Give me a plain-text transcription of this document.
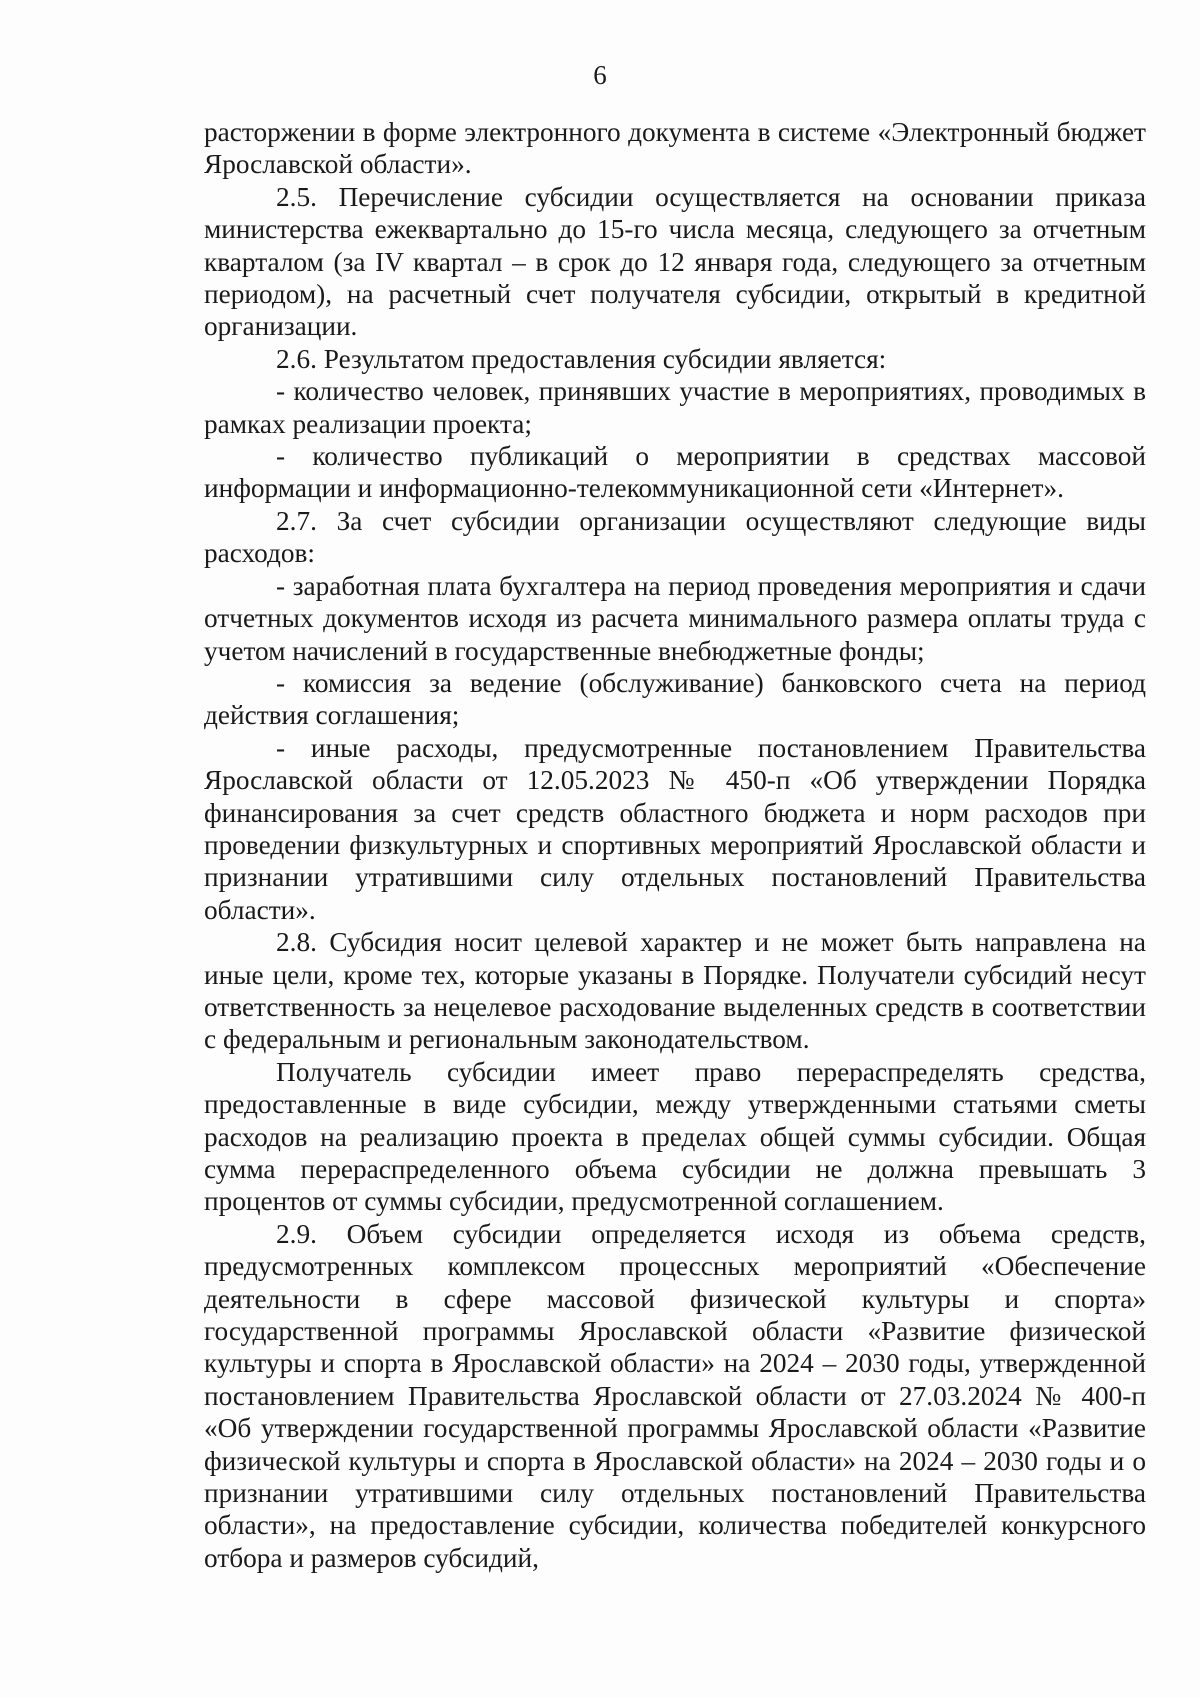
6

расторжении в форме электронного документа в системе «Электронный бюджет Ярославской области».

2.5. Перечисление субсидии осуществляется на основании приказа министерства ежеквартально до 15-го числа месяца, следующего за отчетным кварталом (за IV квартал – в срок до 12 января года, следующего за отчетным периодом), на расчетный счет получателя субсидии, открытый в кредитной организации.

2.6. Результатом предоставления субсидии является:

- количество человек, принявших участие в мероприятиях, проводимых в рамках реализации проекта;

- количество публикаций о мероприятии в средствах массовой информации и информационно-телекоммуникационной сети «Интернет».

2.7. За счет субсидии организации осуществляют следующие виды расходов:

- заработная плата бухгалтера на период проведения мероприятия и сдачи отчетных документов исходя из расчета минимального размера оплаты труда с учетом начислений в государственные внебюджетные фонды;

- комиссия за ведение (обслуживание) банковского счета на период действия соглашения;

- иные расходы, предусмотренные постановлением Правительства Ярославской области от 12.05.2023 № 450-п «Об утверждении Порядка финансирования за счет средств областного бюджета и норм расходов при проведении физкультурных и спортивных мероприятий Ярославской области и признании утратившими силу отдельных постановлений Правительства области».

2.8. Субсидия носит целевой характер и не может быть направлена на иные цели, кроме тех, которые указаны в Порядке. Получатели субсидий несут ответственность за нецелевое расходование выделенных средств в соответствии с федеральным и региональным законодательством.

Получатель субсидии имеет право перераспределять средства, предоставленные в виде субсидии, между утвержденными статьями сметы расходов на реализацию проекта в пределах общей суммы субсидии. Общая сумма перераспределенного объема субсидии не должна превышать 3 процентов от суммы субсидии, предусмотренной соглашением.

2.9. Объем субсидии определяется исходя из объема средств, предусмотренных комплексом процессных мероприятий «Обеспечение деятельности в сфере массовой физической культуры и спорта» государственной программы Ярославской области «Развитие физической культуры и спорта в Ярославской области» на 2024 – 2030 годы, утвержденной постановлением Правительства Ярославской области от 27.03.2024 № 400-п «Об утверждении государственной программы Ярославской области «Развитие физической культуры и спорта в Ярославской области» на 2024 – 2030 годы и о признании утратившими силу отдельных постановлений Правительства области», на предоставление субсидии, количества победителей конкурсного отбора и размеров субсидий,
